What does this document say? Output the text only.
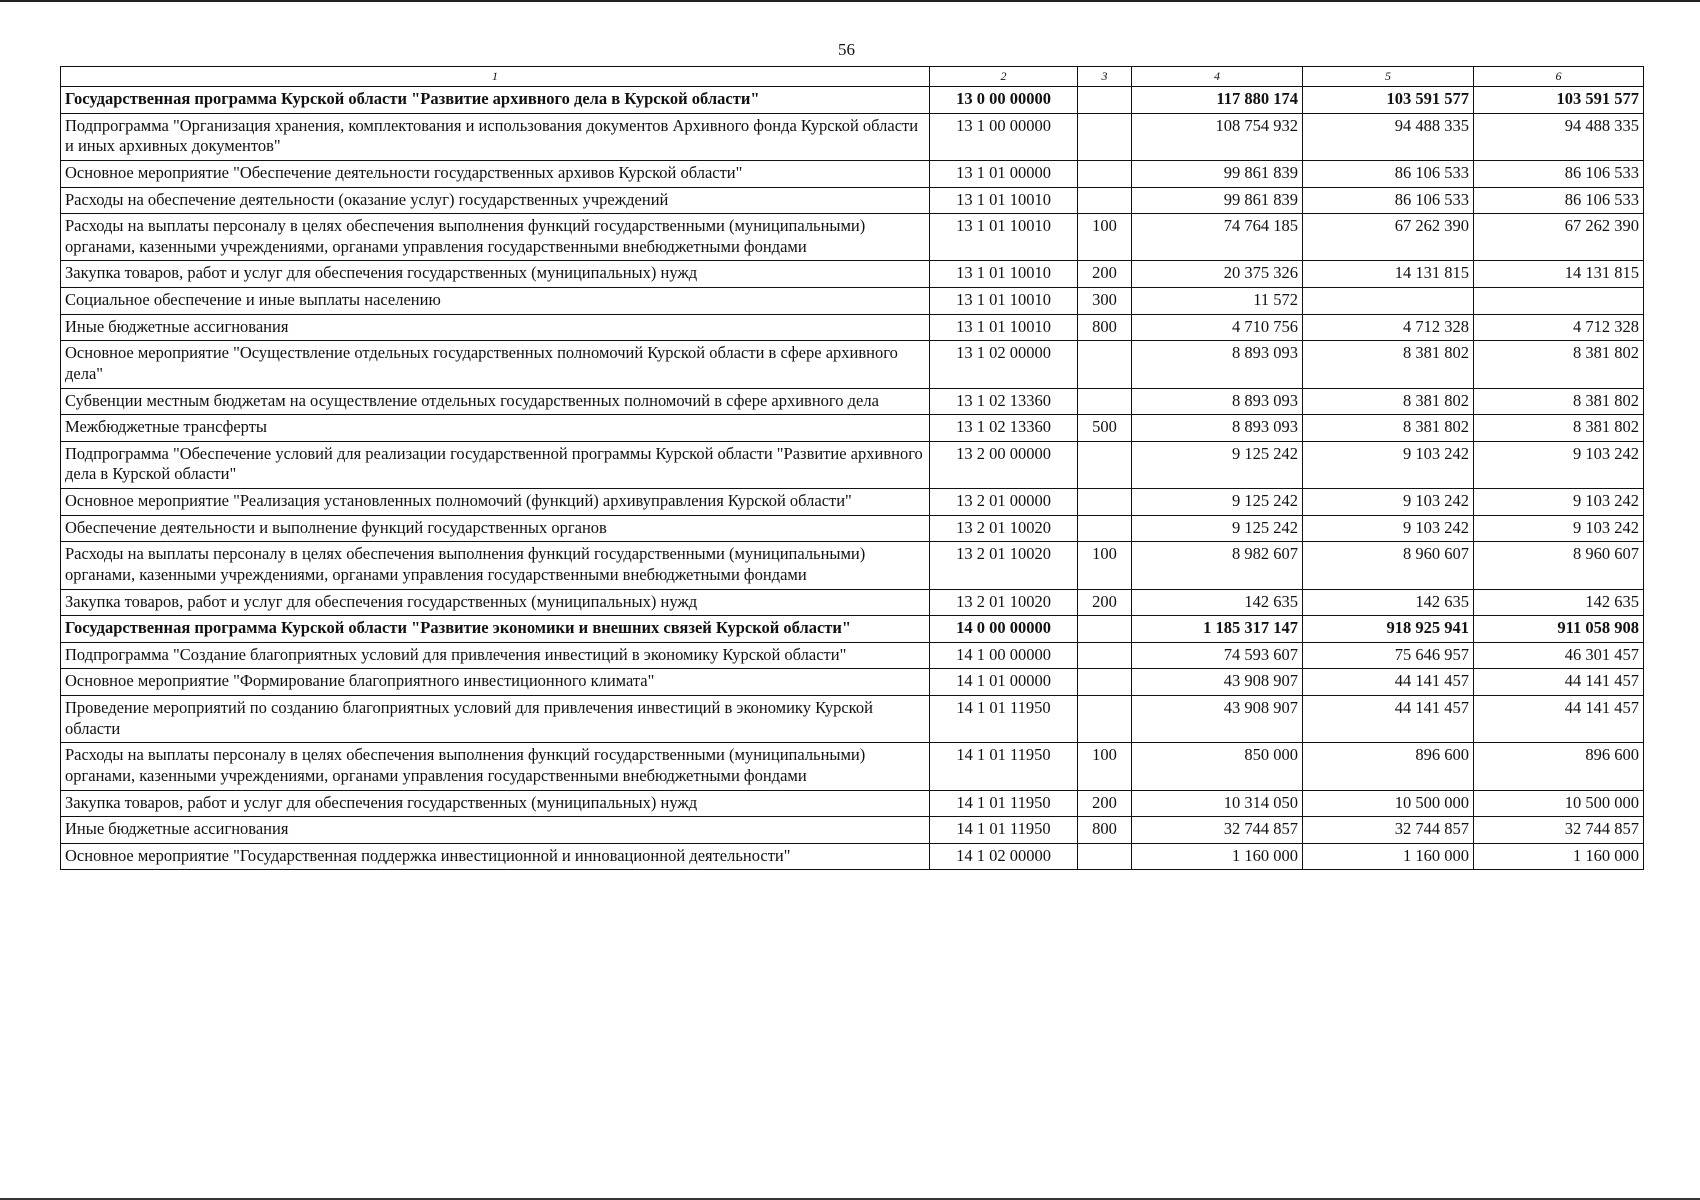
56
1	2	3	4	5	6
Государственная программа Курской области "Развитие архивного дела в Курской области"	13 0 00 00000		117 880 174	103 591 577	103 591 577
Подпрограмма "Организация хранения, комплектования и использования документов Архивного фонда Курской области и иных архивных документов"	13 1 00 00000		108 754 932	94 488 335	94 488 335
Основное мероприятие "Обеспечение деятельности государственных архивов Курской области"	13 1 01 00000		99 861 839	86 106 533	86 106 533
Расходы на обеспечение деятельности (оказание услуг) государственных учреждений	13 1 01 10010		99 861 839	86 106 533	86 106 533
Расходы на выплаты персоналу в целях обеспечения выполнения функций государственными (муниципальными) органами, казенными учреждениями, органами управления государственными внебюджетными фондами	13 1 01 10010	100	74 764 185	67 262 390	67 262 390
Закупка товаров, работ и услуг для обеспечения государственных (муниципальных) нужд	13 1 01 10010	200	20 375 326	14 131 815	14 131 815
Социальное обеспечение и иные выплаты населению	13 1 01 10010	300	11 572		
Иные бюджетные ассигнования	13 1 01 10010	800	4 710 756	4 712 328	4 712 328
Основное мероприятие "Осуществление отдельных государственных полномочий Курской области в сфере архивного дела"	13 1 02 00000		8 893 093	8 381 802	8 381 802
Субвенции местным бюджетам на осуществление отдельных государственных полномочий в сфере архивного дела	13 1 02 13360		8 893 093	8 381 802	8 381 802
Межбюджетные трансферты	13 1 02 13360	500	8 893 093	8 381 802	8 381 802
Подпрограмма "Обеспечение условий для реализации государственной программы Курской области "Развитие архивного дела в Курской области"	13 2 00 00000		9 125 242	9 103 242	9 103 242
Основное мероприятие "Реализация установленных полномочий (функций) архивуправления Курской области"	13 2 01 00000		9 125 242	9 103 242	9 103 242
Обеспечение деятельности и выполнение функций государственных органов	13 2 01 10020		9 125 242	9 103 242	9 103 242
Расходы на выплаты персоналу в целях обеспечения выполнения функций государственными (муниципальными) органами, казенными учреждениями, органами управления государственными внебюджетными фондами	13 2 01 10020	100	8 982 607	8 960 607	8 960 607
Закупка товаров, работ и услуг для обеспечения государственных (муниципальных) нужд	13 2 01 10020	200	142 635	142 635	142 635
Государственная программа Курской области "Развитие экономики и внешних связей Курской области"	14 0 00 00000		1 185 317 147	918 925 941	911 058 908
Подпрограмма "Создание благоприятных условий для привлечения инвестиций в экономику Курской области"	14 1 00 00000		74 593 607	75 646 957	46 301 457
Основное мероприятие "Формирование благоприятного инвестиционного климата"	14 1 01 00000		43 908 907	44 141 457	44 141 457
Проведение мероприятий по созданию благоприятных условий для привлечения инвестиций в экономику Курской области	14 1 01 11950		43 908 907	44 141 457	44 141 457
Расходы на выплаты персоналу в целях обеспечения выполнения функций государственными (муниципальными) органами, казенными учреждениями, органами управления государственными внебюджетными фондами	14 1 01 11950	100	850 000	896 600	896 600
Закупка товаров, работ и услуг для обеспечения государственных (муниципальных) нужд	14 1 01 11950	200	10 314 050	10 500 000	10 500 000
Иные бюджетные ассигнования	14 1 01 11950	800	32 744 857	32 744 857	32 744 857
Основное мероприятие "Государственная поддержка инвестиционной и инновационной деятельности"	14 1 02 00000		1 160 000	1 160 000	1 160 000
